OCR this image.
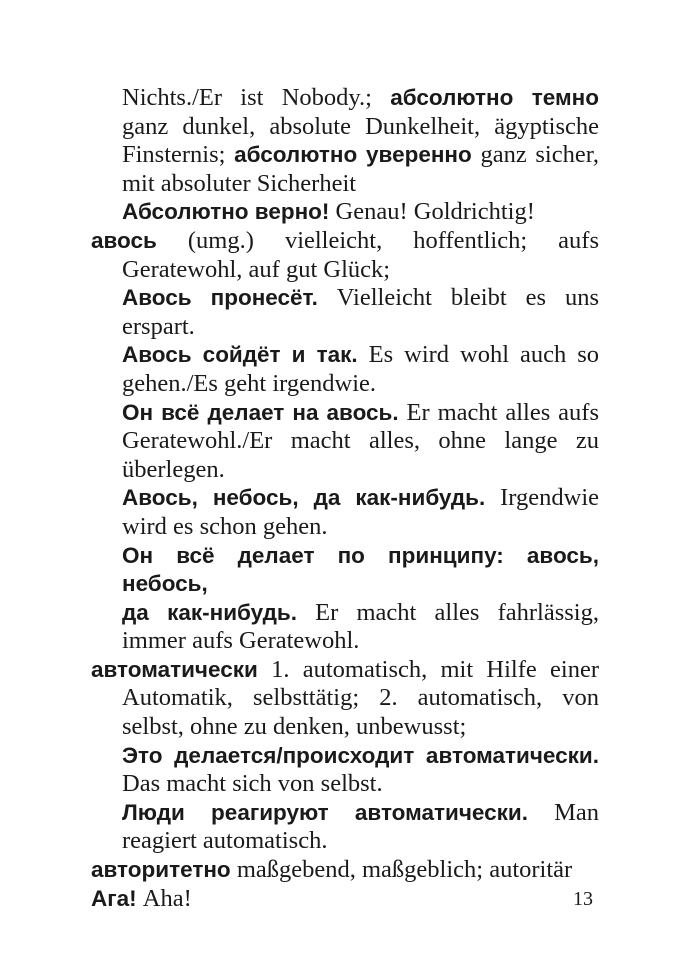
Nichts./Er ist Nobody.; абсолютно темно
ganz dunkel, absolute Dunkelheit, ägyptische
Finsternis; абсолютно уверенно ganz sicher,
mit absoluter Sicherheit
Абсолютно верно! Genau! Goldrichtig!
авось (umg.) vielleicht, hoffentlich; aufs
Geratewohl, auf gut Glück;
Авось пронесёт. Vielleicht bleibt es uns
erspart.
Авось сойдёт и так. Es wird wohl auch so
gehen./Es geht irgendwie.
Он всё делает на авось. Er macht alles aufs
Geratewohl./Er macht alles, ohne lange zu
überlegen.
Авось, небось, да как-нибудь. Irgendwie
wird es schon gehen.
Он всё делает по принципу: авось, небось,
да как-нибудь. Er macht alles fahrlässig,
immer aufs Geratewohl.
автоматически 1. automatisch, mit Hilfe einer
Automatik, selbsttätig; 2. automatisch, von
selbst, ohne zu denken, unbewusst;
Это делается/происходит автоматически.
Das macht sich von selbst.
Люди реагируют автоматически. Man
reagiert automatisch.
авторитетно maßgebend, maßgeblich; autoritär
Ага! Aha!	13
